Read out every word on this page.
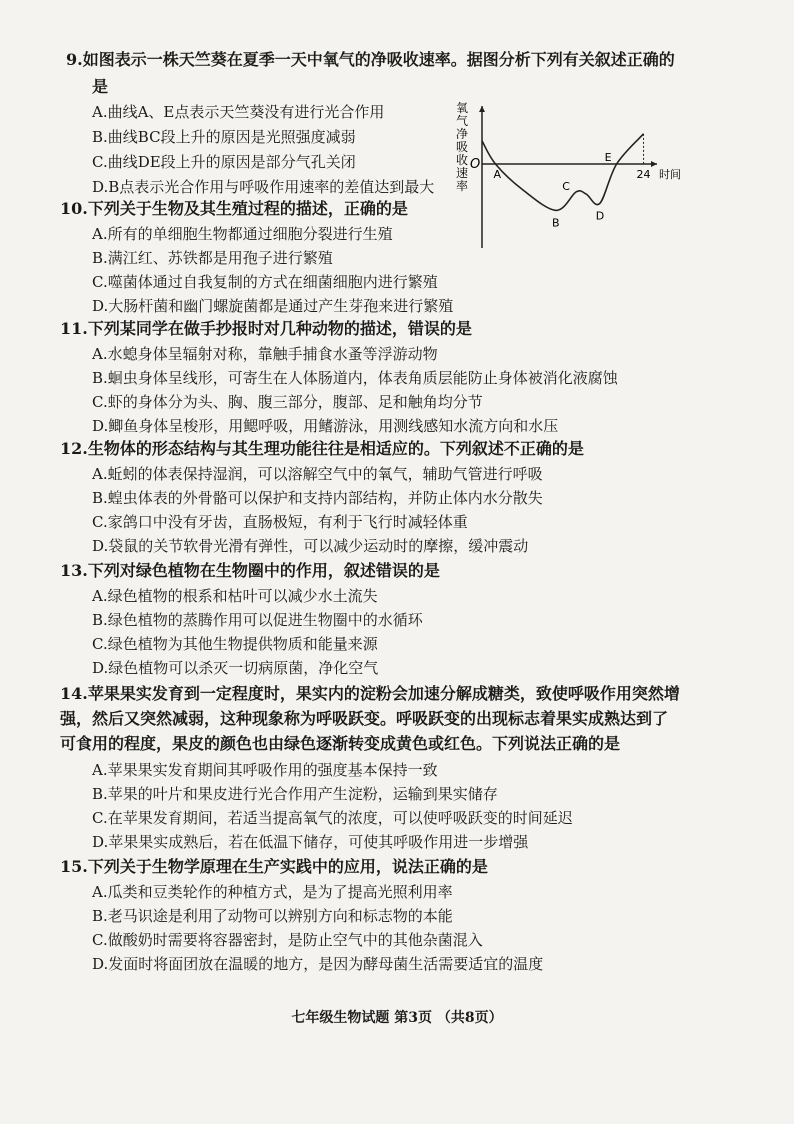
9.如图表示一株天竺葵在夏季一天中氧气的净吸收速率。据图分析下列有关叙述正确的
是
A.曲线A、E点表示天竺葵没有进行光合作用
B.曲线BC段上升的原因是光照强度减弱
C.曲线DE段上升的原因是部分气孔关闭
D.B点表示光合作用与呼吸作用速率的差值达到最大
氧
气
净
吸
收
速
率
O
时间
24
A
B
C
D
E
10.下列关于生物及其生殖过程的描述，正确的是
A.所有的单细胞生物都通过细胞分裂进行生殖
B.满江红、苏铁都是用孢子进行繁殖
C.噬菌体通过自我复制的方式在细菌细胞内进行繁殖
D.大肠杆菌和幽门螺旋菌都是通过产生芽孢来进行繁殖
11.下列某同学在做手抄报时对几种动物的描述，错误的是
A.水螅身体呈辐射对称，靠触手捕食水蚤等浮游动物
B.蛔虫身体呈线形，可寄生在人体肠道内，体表角质层能防止身体被消化液腐蚀
C.虾的身体分为头、胸、腹三部分，腹部、足和触角均分节
D.鲫鱼身体呈梭形，用鳃呼吸，用鳍游泳，用测线感知水流方向和水压
12.生物体的形态结构与其生理功能往往是相适应的。下列叙述不正确的是
A.蚯蚓的体表保持湿润，可以溶解空气中的氧气，辅助气管进行呼吸
B.蝗虫体表的外骨骼可以保护和支持内部结构，并防止体内水分散失
C.家鸽口中没有牙齿，直肠极短，有利于飞行时减轻体重
D.袋鼠的关节软骨光滑有弹性，可以减少运动时的摩擦，缓冲震动
13.下列对绿色植物在生物圈中的作用，叙述错误的是
A.绿色植物的根系和枯叶可以减少水土流失
B.绿色植物的蒸腾作用可以促进生物圈中的水循环
C.绿色植物为其他生物提供物质和能量来源
D.绿色植物可以杀灭一切病原菌，净化空气
14.苹果果实发育到一定程度时，果实内的淀粉会加速分解成糖类，致使呼吸作用突然增
强，然后又突然减弱，这种现象称为呼吸跃变。呼吸跃变的出现标志着果实成熟达到了
可食用的程度，果皮的颜色也由绿色逐渐转变成黄色或红色。下列说法正确的是
A.苹果果实发育期间其呼吸作用的强度基本保持一致
B.苹果的叶片和果皮进行光合作用产生淀粉，运输到果实储存
C.在苹果发育期间，若适当提高氧气的浓度，可以使呼吸跃变的时间延迟
D.苹果果实成熟后，若在低温下储存，可使其呼吸作用进一步增强
15.下列关于生物学原理在生产实践中的应用，说法正确的是
A.瓜类和豆类轮作的种植方式，是为了提高光照利用率
B.老马识途是利用了动物可以辨别方向和标志物的本能
C.做酸奶时需要将容器密封，是防止空气中的其他杂菌混入
D.发面时将面团放在温暖的地方，是因为酵母菌生活需要适宜的温度
七年级生物试题 第3页 （共8页）
